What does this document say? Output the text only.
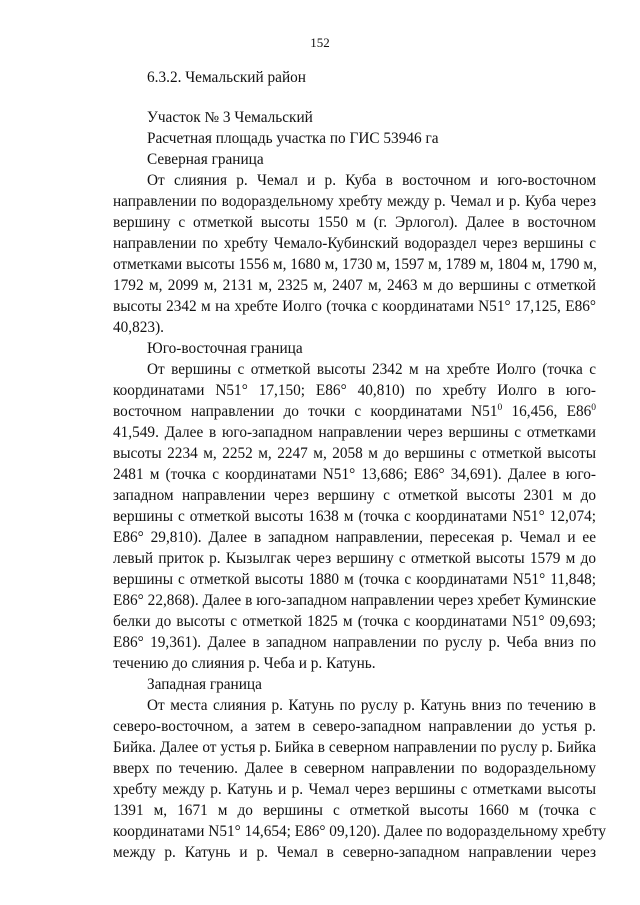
152
6.3.2. Чемальский район
Участок № 3 Чемальский
Расчетная площадь участка по ГИС 53946 га
Северная граница
От слияния р. Чемал и р. Куба в восточном и юго-восточном
направлении по водораздельному хребту между р. Чемал и р. Куба через
вершину с отметкой высоты 1550 м (г. Эрлогол). Далее в восточном
направлении по хребту Чемало-Кубинский водораздел через вершины с
отметками высоты 1556 м, 1680 м, 1730 м, 1597 м, 1789 м, 1804 м, 1790 м,
1792 м, 2099 м, 2131 м, 2325 м, 2407 м, 2463 м до вершины с отметкой
высоты 2342 м на хребте Иолго (точка с координатами N51° 17,125, E86°
40,823).
Юго-восточная граница
От вершины с отметкой высоты 2342 м на хребте Иолго (точка с
координатами N51° 17,150; E86° 40,810) по хребту Иолго в юго-
восточном направлении до точки с координатами $N51^0$ 16,456, $E86^0$
41,549. Далее в юго-западном направлении через вершины с отметками
высоты 2234 м, 2252 м, 2247 м, 2058 м до вершины с отметкой высоты
2481 м (точка с координатами N51° 13,686; E86° 34,691). Далее в юго-
западном направлении через вершину с отметкой высоты 2301 м до
вершины с отметкой высоты 1638 м (точка с координатами N51° 12,074;
E86° 29,810). Далее в западном направлении, пересекая р. Чемал и ее
левый приток р. Кызылгак через вершину с отметкой высоты 1579 м до
вершины с отметкой высоты 1880 м (точка с координатами N51° 11,848;
E86° 22,868). Далее в юго-западном направлении через хребет Куминские
белки до высоты с отметкой 1825 м (точка с координатами N51° 09,693;
E86° 19,361). Далее в западном направлении по руслу р. Чеба вниз по
течению до слияния р. Чеба и р. Катунь.
Западная граница
От места слияния р. Катунь по руслу р. Катунь вниз по течению в
северо-восточном, а затем в северо-западном направлении до устья р.
Бийка. Далее от устья р. Бийка в северном направлении по руслу р. Бийка
вверх по течению. Далее в северном направлении по водораздельному
хребту между р. Катунь и р. Чемал через вершины с отметками высоты
1391 м, 1671 м до вершины с отметкой высоты 1660 м (точка с
координатами N51° 14,654; E86° 09,120). Далее по водораздельному хребту
между р. Катунь и р. Чемал в северно-западном направлении через
